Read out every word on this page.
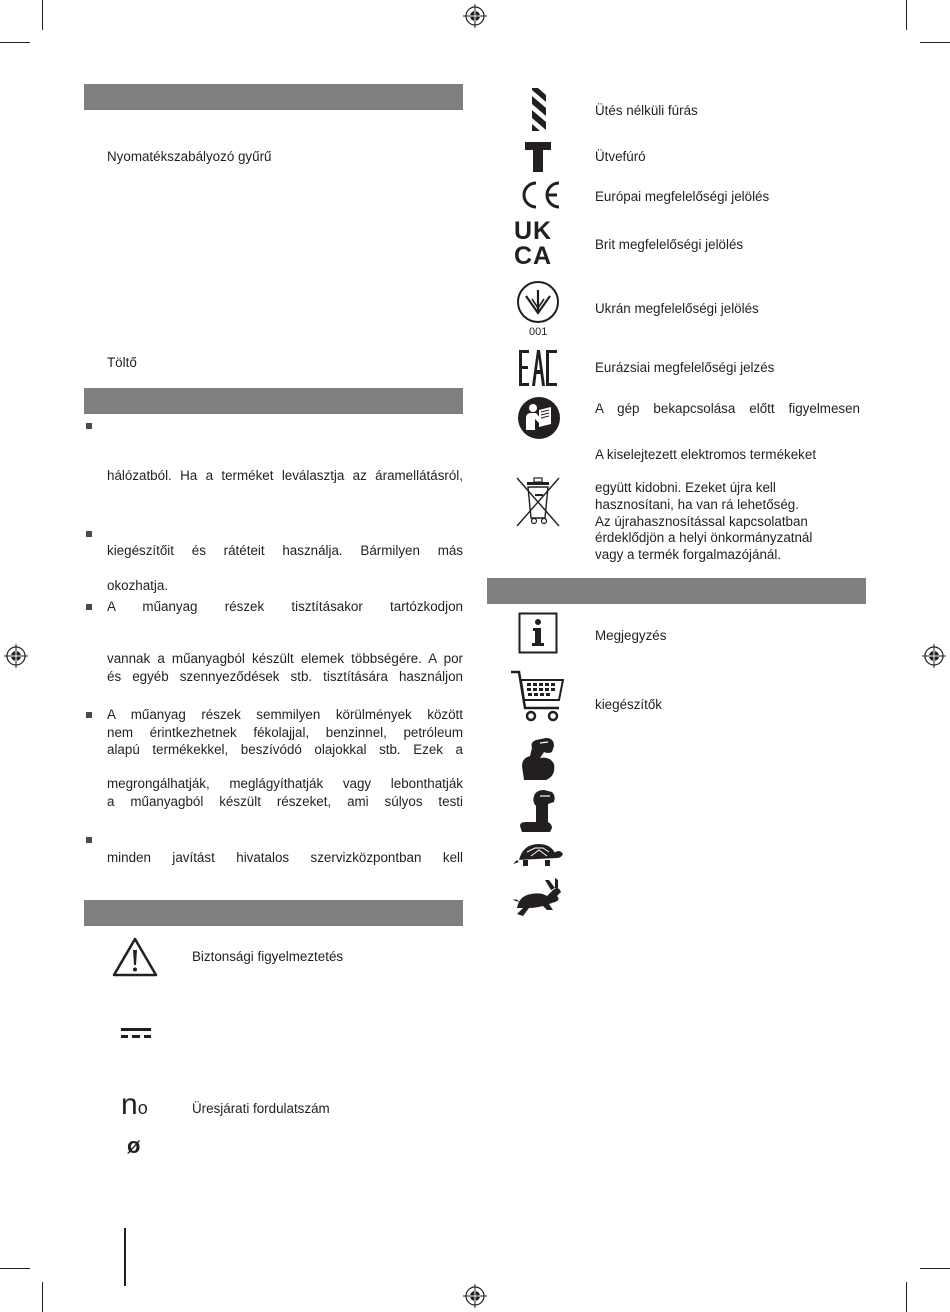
Nyomatékszabályozó gyűrű
Töltő
hálózatból. Ha a terméket leválasztja az áramellátásról,
kiegészítőit és rátéteit használja. Bármilyen más
okozhatja.
A műanyag részek tisztításakor tartózkodjon
vannak a műanyagból készült elemek többségére. A por
és egyéb szennyeződések stb. tisztítására használjon
A műanyag részek semmilyen körülmények között
nem érintkezhetnek fékolajjal, benzinnel, petróleum
alapú termékekkel, beszívódó olajokkal stb. Ezek a
megrongálhatják, meglágyíthatják vagy lebonthatják
a műanyagból készült részeket, ami súlyos testi
minden javítást hivatalos szervizközpontban kell
Biztonsági figyelmeztetés
no	Üresjárati fordulatszám
ø
Ütés nélküli fúrás
Ütvefúró
Európai megfelelőségi jelölés
UK
CA	Brit megfelelőségi jelölés
001
Ukrán megfelelőségi jelölés
Eurázsiai megfelelőségi jelzés
A gép bekapcsolása előtt figyelmesen
A kiselejtezett elektromos termékeket
együtt kidobni. Ezeket újra kell
hasznosítani, ha van rá lehetőség.
Az újrahasznosítással kapcsolatban
érdeklődjön a helyi önkormányzatnál
vagy a termék forgalmazójánál.
Megjegyzés
kiegészítők
